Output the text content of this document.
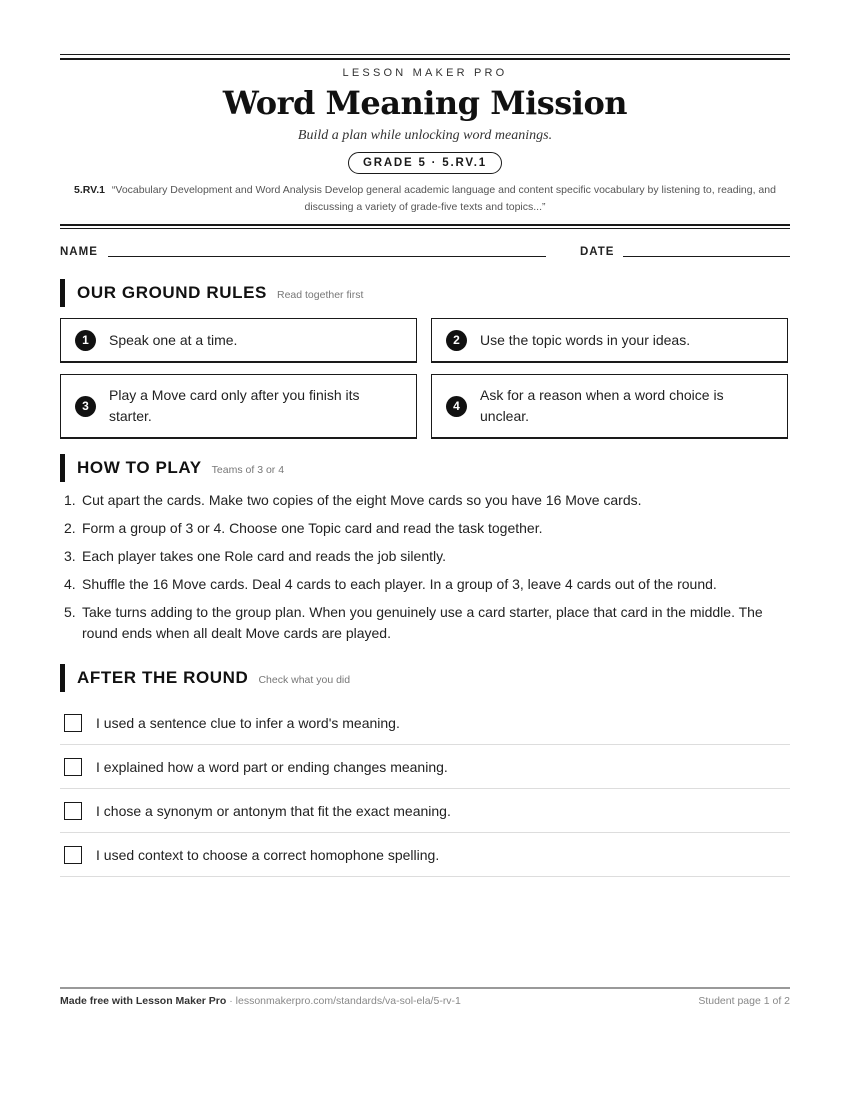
LESSON MAKER PRO
Word Meaning Mission
Build a plan while unlocking word meanings.
GRADE 5 · 5.RV.1
5.RV.1 “Vocabulary Development and Word Analysis Develop general academic language and content specific vocabulary by listening to, reading, and discussing a variety of grade-five texts and topics...”
NAME	DATE
OUR GROUND RULES Read together first
1	Speak one at a time.	2	Use the topic words in your ideas.
3
Play a Move card only after you finish its starter.
4
Ask for a reason when a word choice is unclear.
HOW TO PLAY Teams of 3 or 4
1. Cut apart the cards. Make two copies of the eight Move cards so you have 16 Move cards.
2. Form a group of 3 or 4. Choose one Topic card and read the task together.
3. Each player takes one Role card and reads the job silently.
4. Shuffle the 16 Move cards. Deal 4 cards to each player. In a group of 3, leave 4 cards out of the round.
5. Take turns adding to the group plan. When you genuinely use a card starter, place that card in the middle. The round ends when all dealt Move cards are played.
AFTER THE ROUND Check what you did
I used a sentence clue to infer a word's meaning.
I explained how a word part or ending changes meaning.
I chose a synonym or antonym that fit the exact meaning.
I used context to choose a correct homophone spelling.
Made free with Lesson Maker Pro · lessonmakerpro.com/standards/va-sol-ela/5-rv-1	Student page 1 of 2
